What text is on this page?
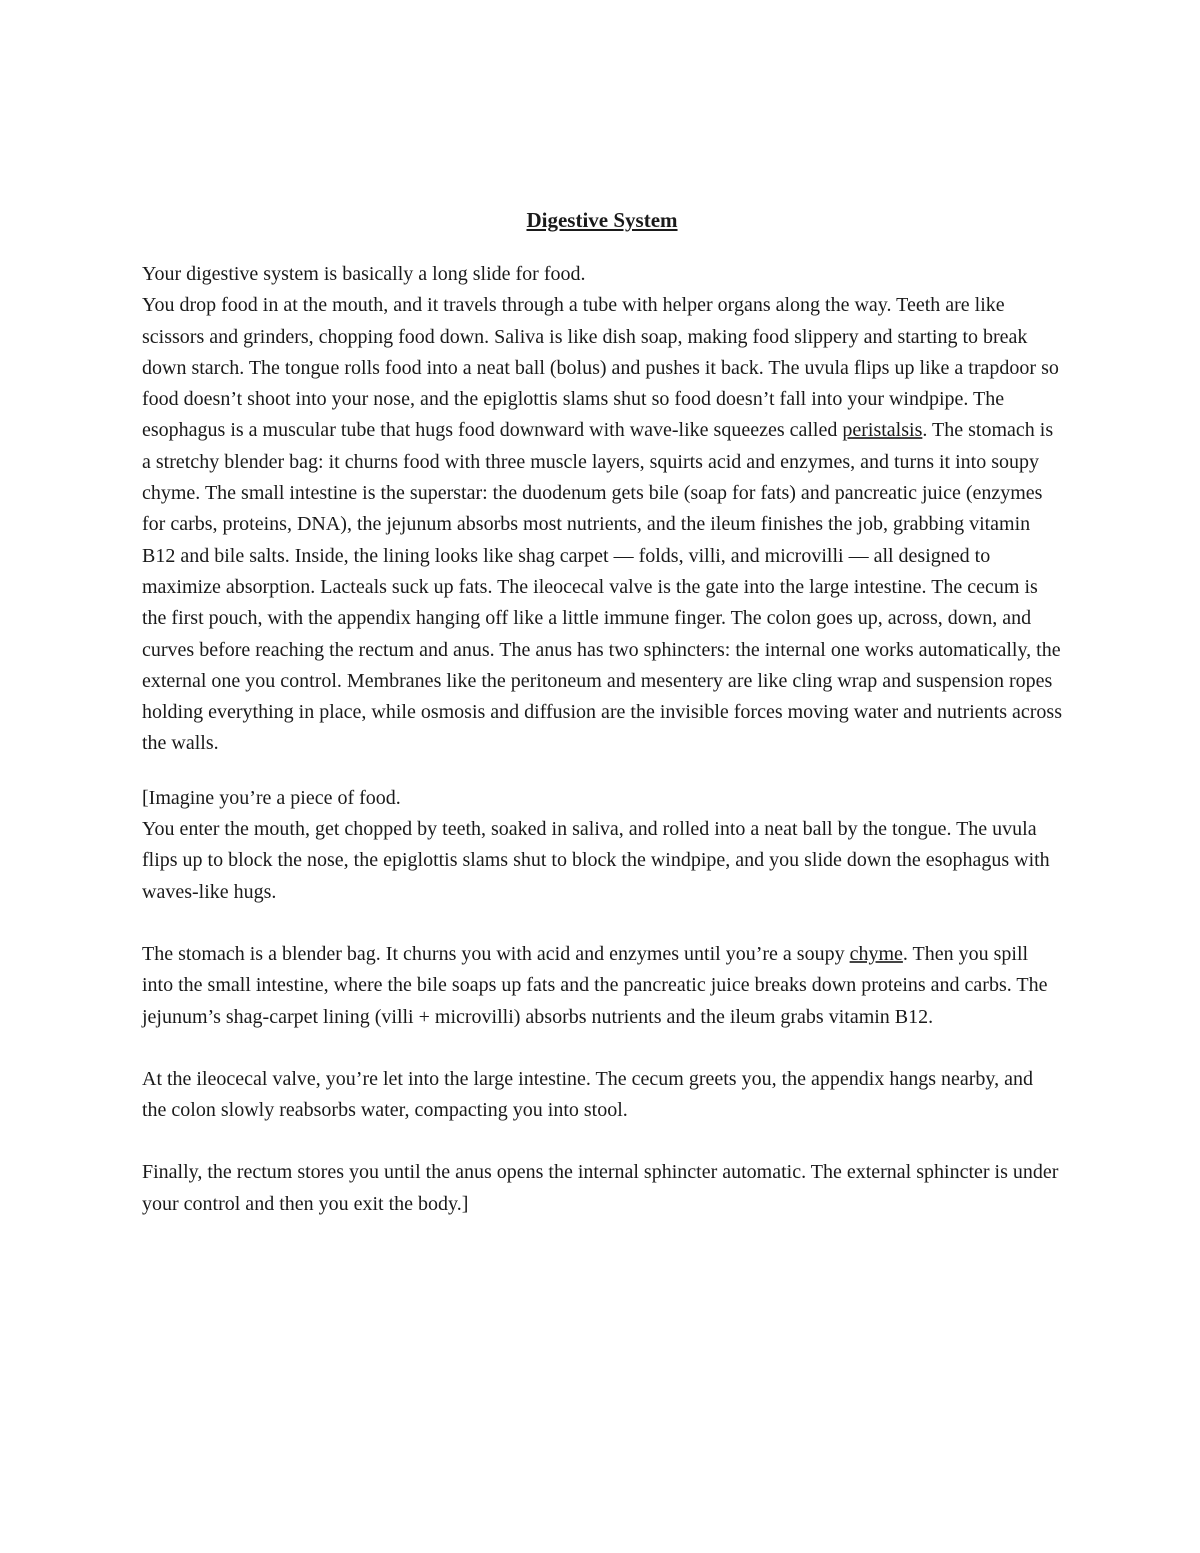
Digestive System

Your digestive system is basically a long slide for food.

You drop food in at the mouth, and it travels through a tube with helper organs along the way. Teeth are like scissors and grinders, chopping food down. Saliva is like dish soap, making food slippery and starting to break down starch. The tongue rolls food into a neat ball (bolus) and pushes it back. The uvula flips up like a trapdoor so food doesn’t shoot into your nose, and the epiglottis slams shut so food doesn’t fall into your windpipe. The esophagus is a muscular tube that hugs food downward with wave-like squeezes called peristalsis. The stomach is a stretchy blender bag: it churns food with three muscle layers, squirts acid and enzymes, and turns it into soupy chyme. The small intestine is the superstar: the duodenum gets bile (soap for fats) and pancreatic juice (enzymes for carbs, proteins, DNA), the jejunum absorbs most nutrients, and the ileum finishes the job, grabbing vitamin B12 and bile salts. Inside, the lining looks like shag carpet — folds, villi, and microvilli — all designed to maximize absorption. Lacteals suck up fats. The ileocecal valve is the gate into the large intestine. The cecum is the first pouch, with the appendix hanging off like a little immune finger. The colon goes up, across, down, and curves before reaching the rectum and anus. The anus has two sphincters: the internal one works automatically, the external one you control. Membranes like the peritoneum and mesentery are like cling wrap and suspension ropes holding everything in place, while osmosis and diffusion are the invisible forces moving water and nutrients across the walls.

[Imagine you’re a piece of food.

You enter the mouth, get chopped by teeth, soaked in saliva, and rolled into a neat ball by the tongue. The uvula flips up to block the nose, the epiglottis slams shut to block the windpipe, and you slide down the esophagus with waves-like hugs.

The stomach is a blender bag. It churns you with acid and enzymes until you’re a soupy chyme. Then you spill into the small intestine, where the bile soaps up fats and the pancreatic juice breaks down proteins and carbs. The jejunum’s shag-carpet lining (villi + microvilli) absorbs nutrients and the ileum grabs vitamin B12.

At the ileocecal valve, you’re let into the large intestine. The cecum greets you, the appendix hangs nearby, and the colon slowly reabsorbs water, compacting you into stool.

Finally, the rectum stores you until the anus opens the internal sphincter automatic. The external sphincter is under your control and then you exit the body.]
